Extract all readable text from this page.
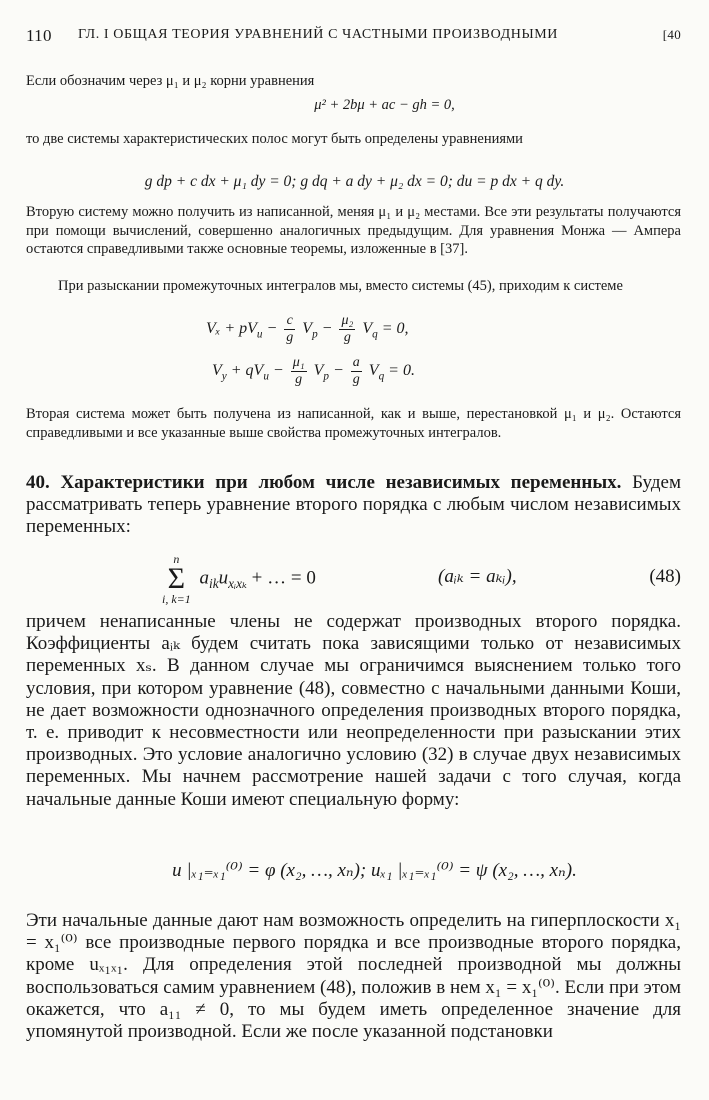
110 ГЛ. I ОБЩАЯ ТЕОРИЯ УРАВНЕНИЙ С ЧАСТНЫМИ ПРОИЗВОДНЫМИ	[40

Если обозначим через μ₁ и μ₂ корни уравнения

μ² + 2bμ + ac − gh = 0,

то две системы характеристических полос могут быть определены уравнениями

g dp + c dx + μ₁ dy = 0; g dq + a dy + μ₂ dx = 0; du = p dx + q dy.

Вторую систему можно получить из написанной, меняя μ₁ и μ₂ местами. Все эти результаты получаются при помощи вычислений, совершенно аналогичных предыдущим. Для уравнения Монжа — Ампера остаются справедливыми также основные теоремы, изложенные в [37].

При разыскании промежуточных интегралов мы, вместо системы (45), приходим к системе

$V_x + pV_u - \frac{c}{g} V_p - \frac{\text{μ₂}}{g} V_q = 0$,
$V_y + qV_u - \frac{\text{μ₁}}{g} V_p - \frac{a}{g} V_q = 0$.

Вторая система может быть получена из написанной, как и выше, перестановкой μ₁ и μ₂. Остаются справедливыми и все указанные выше свойства промежуточных интегралов.

40. Характеристики при любом числе независимых переменных. Будем рассматривать теперь уравнение второго порядка с любым числом независимых переменных:

n
Σ
i, k=1
$a_{ik}u_{xᵢx_k}$ + … = 0	(aᵢₖ = aₖᵢ),	(48)

причем ненаписанные члены не содержат производных второго порядка. Коэффициенты aᵢₖ будем считать пока зависящими только от независимых переменных xₛ. В данном случае мы ограничимся выяснением только того условия, при котором уравнение (48), совместно с начальными данными Коши, не дает возможности однозначного определения производных второго порядка, т. е. приводит к несовместности или неопределенности при разыскании этих производных. Это условие аналогично условию (32) в случае двух независимых переменных. Мы начнем рассмотрение нашей задачи с того случая, когда начальные данные Коши имеют специальную форму:

u |ₓ₁₌ₓ₁⁽⁰⁾ = φ (x₂, …, xₙ); uₓ₁ |ₓ₁₌ₓ₁⁽⁰⁾ = ψ (x₂, …, xₙ).

Эти начальные данные дают нам возможность определить на гиперплоскости x₁ = x₁⁽⁰⁾ все производные первого порядка и все производные второго порядка, кроме uₓ₁ₓ₁. Для определения этой последней производной мы должны воспользоваться самим уравнением (48), положив в нем x₁ = x₁⁽⁰⁾. Если при этом окажется, что a₁₁ ≠ 0, то мы будем иметь определенное значение для упомянутой производной. Если же после указанной подстановки
